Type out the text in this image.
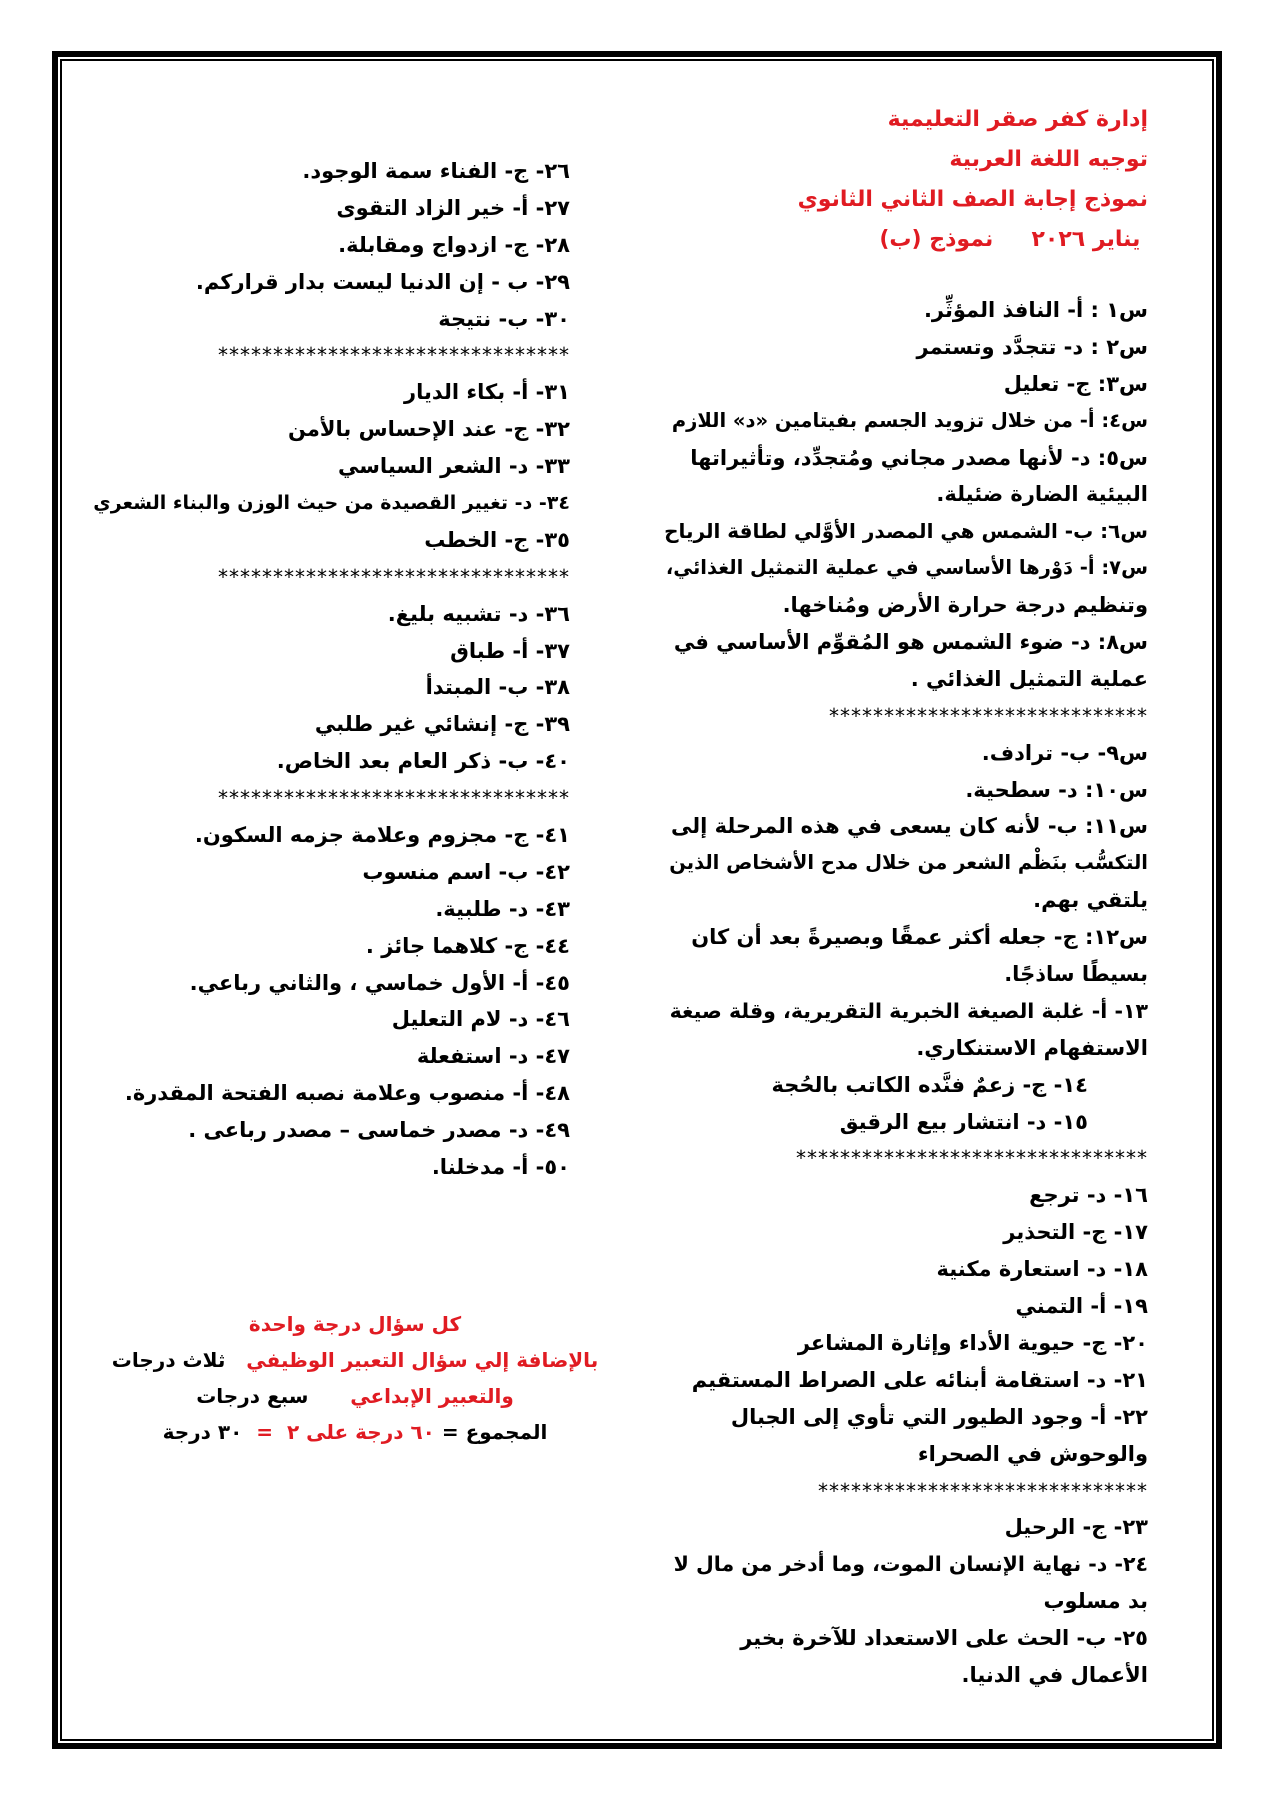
إدارة كفر صقر التعليمية
توجيه اللغة العربية
نموذج إجابة الصف الثاني الثانوي
يناير ٢٠٢٦     نموذج (ب)
س١ : أ- النافذ المؤثِّر.
س٢ : د- تتجدَّد وتستمر
س٣: ج- تعليل
س٤: أ- من خلال تزويد الجسم بفيتامين «د» اللازم
س٥: د- لأنها مصدر مجاني ومُتجدِّد، وتأثيراتها
البيئية الضارة ضئيلة.
س٦: ب- الشمس هي المصدر الأوَّلي لطاقة الرياح
س٧: أ- دَوْرها الأساسي في عملية التمثيل الغذائي،
وتنظيم درجة حرارة الأرض ومُناخها.
س٨: د- ضوء الشمس هو المُقوِّم الأساسي في
عملية التمثيل الغذائي .
*****************************
س٩- ب- ترادف.
س١٠: د- سطحية.
س١١: ب- لأنه كان يسعى في هذه المرحلة إلى
التكسُّب بنَظْم الشعر من خلال مدح الأشخاص الذين
يلتقي بهم.
س١٢: ج- جعله أكثر عمقًا وبصيرةً بعد أن كان
بسيطًا ساذجًا.
١٣- أ- غلبة الصيغة الخبرية التقريرية، وقلة صيغة
الاستفهام الاستنكاري.
١٤- ج- زعمٌ فنَّده الكاتب بالحُجة
١٥- د- انتشار بيع الرقيق
********************************
١٦- د- ترجع
١٧- ج- التحذير
١٨- د- استعارة مكنية
١٩- أ- التمني
٢٠- ج- حيوية الأداء وإثارة المشاعر
٢١- د- استقامة أبنائه على الصراط المستقيم
٢٢- أ- وجود الطيور التي تأوي إلى الجبال
والوحوش في الصحراء
******************************
٢٣- ج- الرحيل
٢٤- د- نهاية الإنسان الموت، وما أدخر من مال لا
بد مسلوب
٢٥- ب- الحث على الاستعداد للآخرة بخير
الأعمال في الدنيا.
٢٦- ج- الفناء سمة الوجود.
٢٧- أ- خير الزاد التقوى
٢٨- ج- ازدواج ومقابلة.
٢٩- ب - إن الدنيا ليست بدار قراركم.
٣٠- ب- نتيجة
********************************
٣١- أ- بكاء الديار
٣٢- ج- عند الإحساس بالأمن
٣٣- د- الشعر السياسي
٣٤- د- تغيير القصيدة من حيث الوزن والبناء الشعري
٣٥- ج- الخطب
********************************
٣٦- د- تشبيه بليغ.
٣٧- أ- طباق
٣٨- ب- المبتدأ
٣٩- ج- إنشائي غير طلبي
٤٠- ب- ذكر العام بعد الخاص.
********************************
٤١- ج- مجزوم وعلامة جزمه السكون.
٤٢- ب- اسم منسوب
٤٣- د- طلبية.
٤٤- ج- كلاهما جائز .
٤٥- أ- الأول خماسي ، والثاني رباعي.
٤٦- د- لام التعليل
٤٧- د- استفعلة
٤٨- أ- منصوب وعلامة نصبه الفتحة المقدرة.
٤٩- د- مصدر خماسى – مصدر رباعى .
٥٠- أ- مدخلنا.
كل سؤال درجة واحدة
بالإضافة إلي سؤال التعبير الوظيفي   ثلاث درجات
والتعبير الإبداعي      سبع درجات
المجموع = ٦٠ درجة على ٢  =  ٣٠ درجة
